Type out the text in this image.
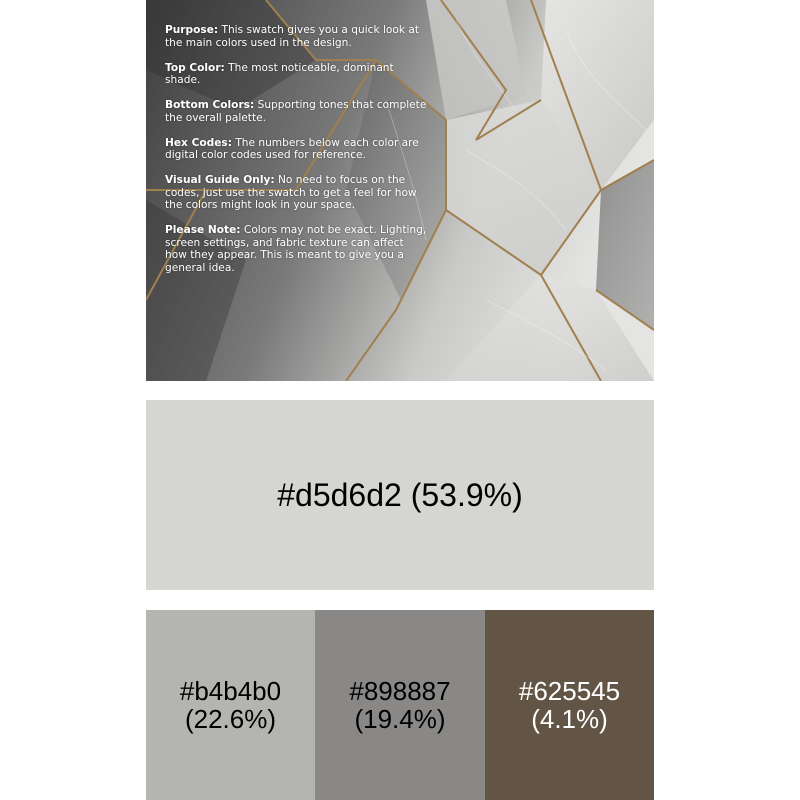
Purpose: This swatch gives you a quick look at the main colors used in the design.

Top Color: The most noticeable, dominant shade.

Bottom Colors: Supporting tones that complete the overall palette.

Hex Codes: The numbers below each color are digital color codes used for reference.

Visual Guide Only: No need to focus on the codes, just use the swatch to get a feel for how the colors might look in your space.

Please Note: Colors may not be exact. Lighting, screen settings, and fabric texture can affect how they appear. This is meant to give you a general idea.

#d5d6d2 (53.9%)
#b4b4b0
(22.6%)
#898887
(19.4%)
#625545
(4.1%)
